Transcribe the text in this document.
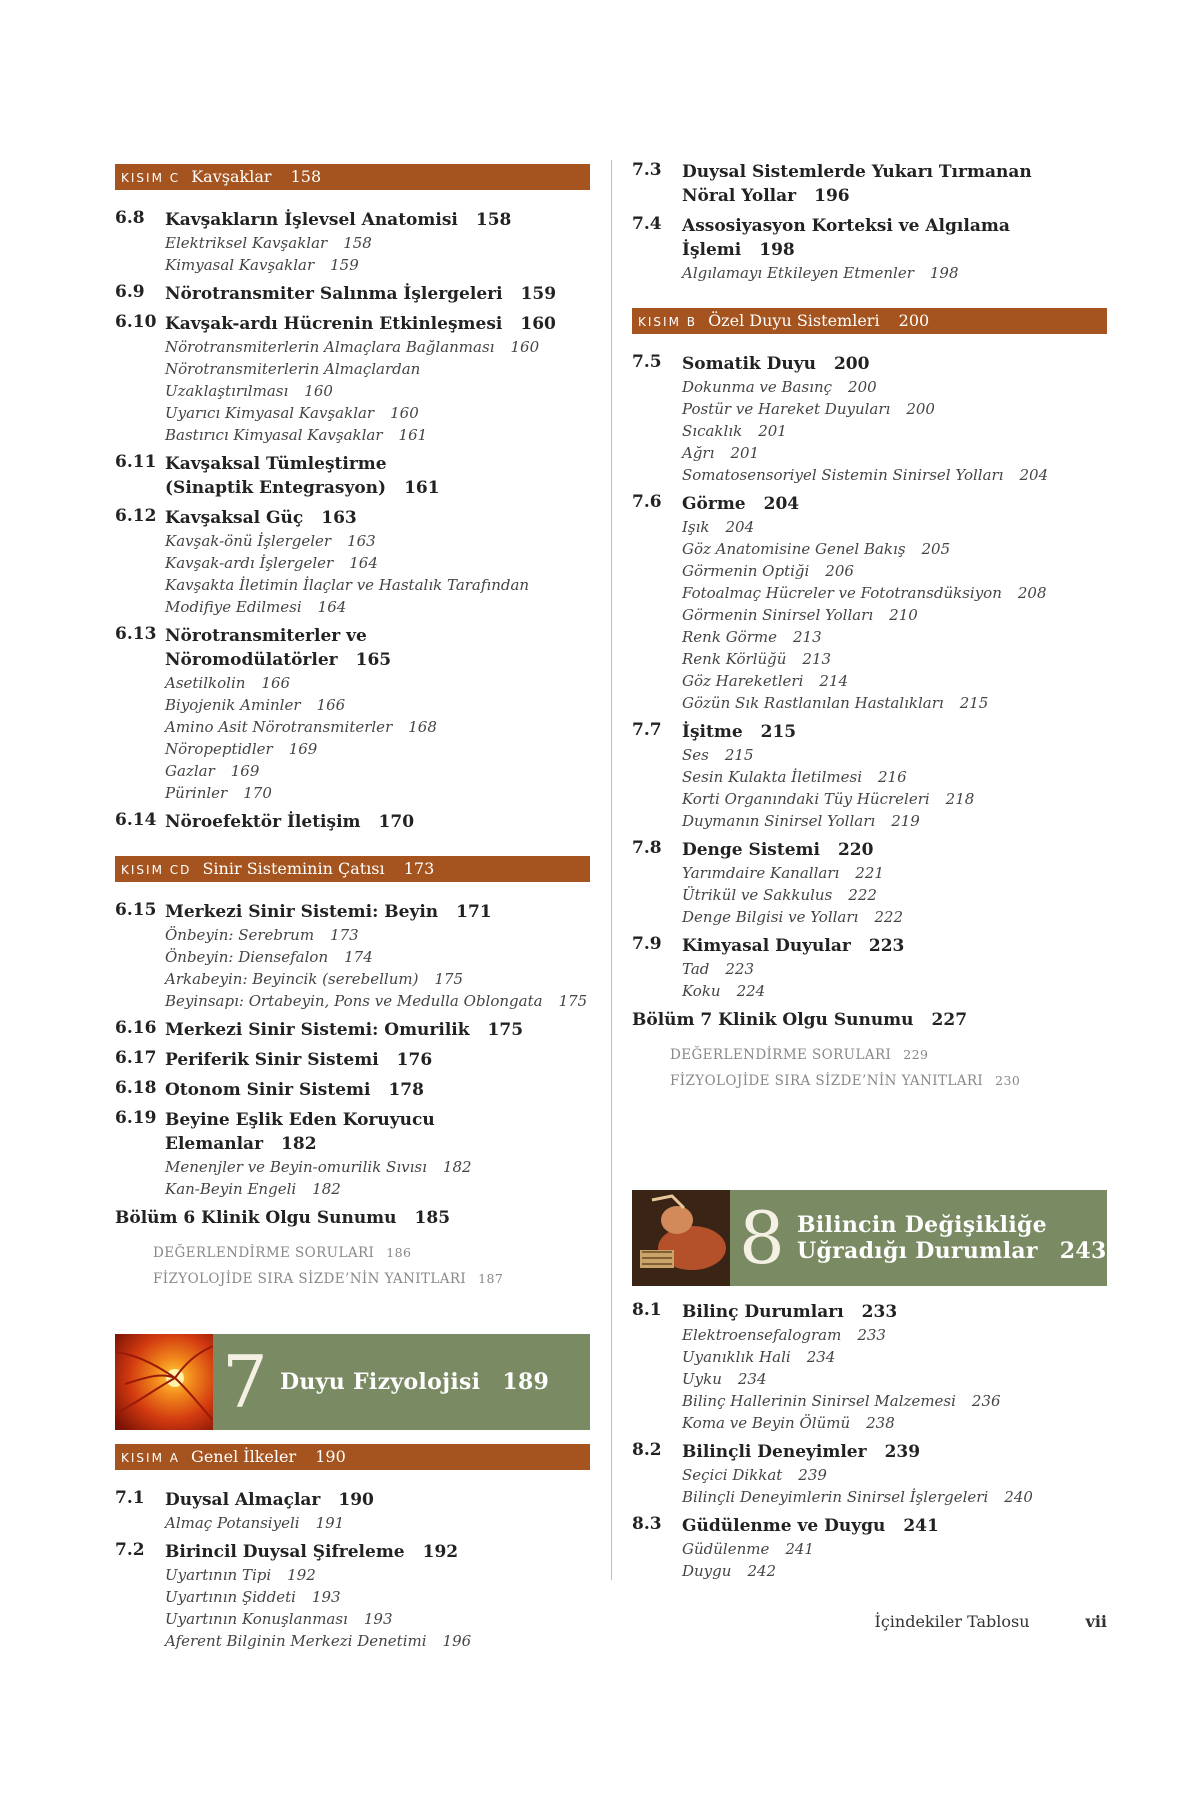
KISIM C Kavşaklar 158
6.8 Kavşakların İşlevsel Anatomisi 158
Elektriksel Kavşaklar 158
Kimyasal Kavşaklar 159
6.9 Nörotransmiter Salınma İşlergeleri 159
6.10 Kavşak-ardı Hücrenin Etkinleşmesi 160
Nörotransmiterlerin Almaçlara Bağlanması 160
Nörotransmiterlerin Almaçlardan Uzaklaştırılması 160
Uyarıcı Kimyasal Kavşaklar 160
Bastırıcı Kimyasal Kavşaklar 161
6.11 Kavşaksal Tümleştirme
(Sinaptik Entegrasyon) 161
6.12 Kavşaksal Güç 163
Kavşak-önü İşlergeler 163
Kavşak-ardı İşlergeler 164
Kavşakta İletimin İlaçlar ve Hastalık Tarafından
Modifiye Edilmesi 164
6.13 Nörotransmiterler ve Nöromodülatörler 165
Asetilkolin 166
Biyojenik Aminler 166
Amino Asit Nörotransmiterler 168
Nöropeptidler 169
Gazlar 169
Pürinler 170
6.14 Nöroefektör İletişim 170
KISIM CD Sinir Sisteminin Çatısı 173
6.15 Merkezi Sinir Sistemi: Beyin 171
Önbeyin: Serebrum 173
Önbeyin: Diensefalon 174
Arkabeyin: Beyincik (serebellum) 175
Beyinsapı: Ortabeyin, Pons ve Medulla Oblongata 175
6.16 Merkezi Sinir Sistemi: Omurilik 175
6.17 Periferik Sinir Sistemi 176
6.18 Otonom Sinir Sistemi 178
6.19 Beyine Eşlik Eden Koruyucu Elemanlar 182
Menenjler ve Beyin-omurilik Sıvısı 182
Kan-Beyin Engeli 182
Bölüm 6 Klinik Olgu Sunumu 185
DEĞERLENDİRME SORULARI 186
FİZYOLOJİDE SIRA SİZDE’NİN YANITLARI 187
7 Duyu Fizyolojisi 189
KISIM A Genel İlkeler 190
7.1 Duysal Almaçlar 190
Almaç Potansiyeli 191
7.2 Birincil Duysal Şifreleme 192
Uyartının Tipi 192
Uyartının Şiddeti 193
Uyartının Konuşlanması 193
Aferent Bilginin Merkezi Denetimi 196
7.3 Duysal Sistemlerde Yukarı Tırmanan
Nöral Yollar 196
7.4 Assosiyasyon Korteksi ve Algılama İşlemi 198
Algılamayı Etkileyen Etmenler 198
KISIM B Özel Duyu Sistemleri 200
7.5 Somatik Duyu 200
Dokunma ve Basınç 200
Postür ve Hareket Duyuları 200
Sıcaklık 201
Ağrı 201
Somatosensoriyel Sistemin Sinirsel Yolları 204
7.6 Görme 204
Işık 204
Göz Anatomisine Genel Bakış 205
Görmenin Optiği 206
Fotoalmaç Hücreler ve Fototransdüksiyon 208
Görmenin Sinirsel Yolları 210
Renk Görme 213
Renk Körlüğü 213
Göz Hareketleri 214
Gözün Sık Rastlanılan Hastalıkları 215
7.7 İşitme 215
Ses 215
Sesin Kulakta İletilmesi 216
Korti Organındaki Tüy Hücreleri 218
Duymanın Sinirsel Yolları 219
7.8 Denge Sistemi 220
Yarımdaire Kanalları 221
Ütrikül ve Sakkulus 222
Denge Bilgisi ve Yolları 222
7.9 Kimyasal Duyular 223
Tad 223
Koku 224
Bölüm 7 Klinik Olgu Sunumu 227
DEĞERLENDİRME SORULARI 229
FİZYOLOJİDE SIRA SİZDE’NİN YANITLARI 230
8 Bilincin Değişikliğe
Uğradığı Durumlar 243
8.1 Bilinç Durumları 233
Elektroensefalogram 233
Uyanıklık Hali 234
Uyku 234
Bilinç Hallerinin Sinirsel Malzemesi 236
Koma ve Beyin Ölümü 238
8.2 Bilinçli Deneyimler 239
Seçici Dikkat 239
Bilinçli Deneyimlerin Sinirsel İşlergeleri 240
8.3 Güdülenme ve Duygu 241
Güdülenme 241
Duygu 242
İçindekiler Tablosu	vii
